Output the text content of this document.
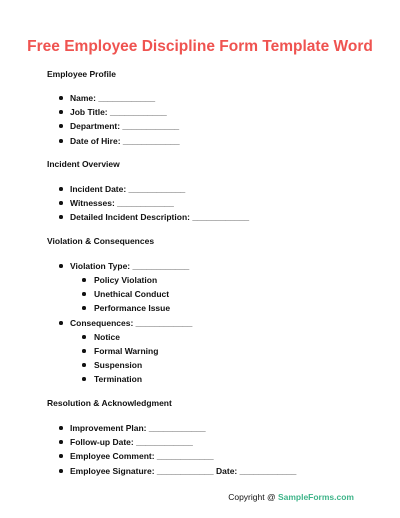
Free Employee Discipline Form Template Word
Employee Profile
Name: ____________
Job Title: ____________
Department: ____________
Date of Hire: ____________
Incident Overview
Incident Date: ____________
Witnesses: ____________
Detailed Incident Description: ____________
Violation & Consequences
Violation Type: ____________
Policy Violation
Unethical Conduct
Performance Issue
Consequences: ____________
Notice
Formal Warning
Suspension
Termination
Resolution & Acknowledgment
Improvement Plan: ____________
Follow-up Date: ____________
Employee Comment: ____________
Employee Signature: ____________ Date: ____________
Copyright @ SampleForms.com
